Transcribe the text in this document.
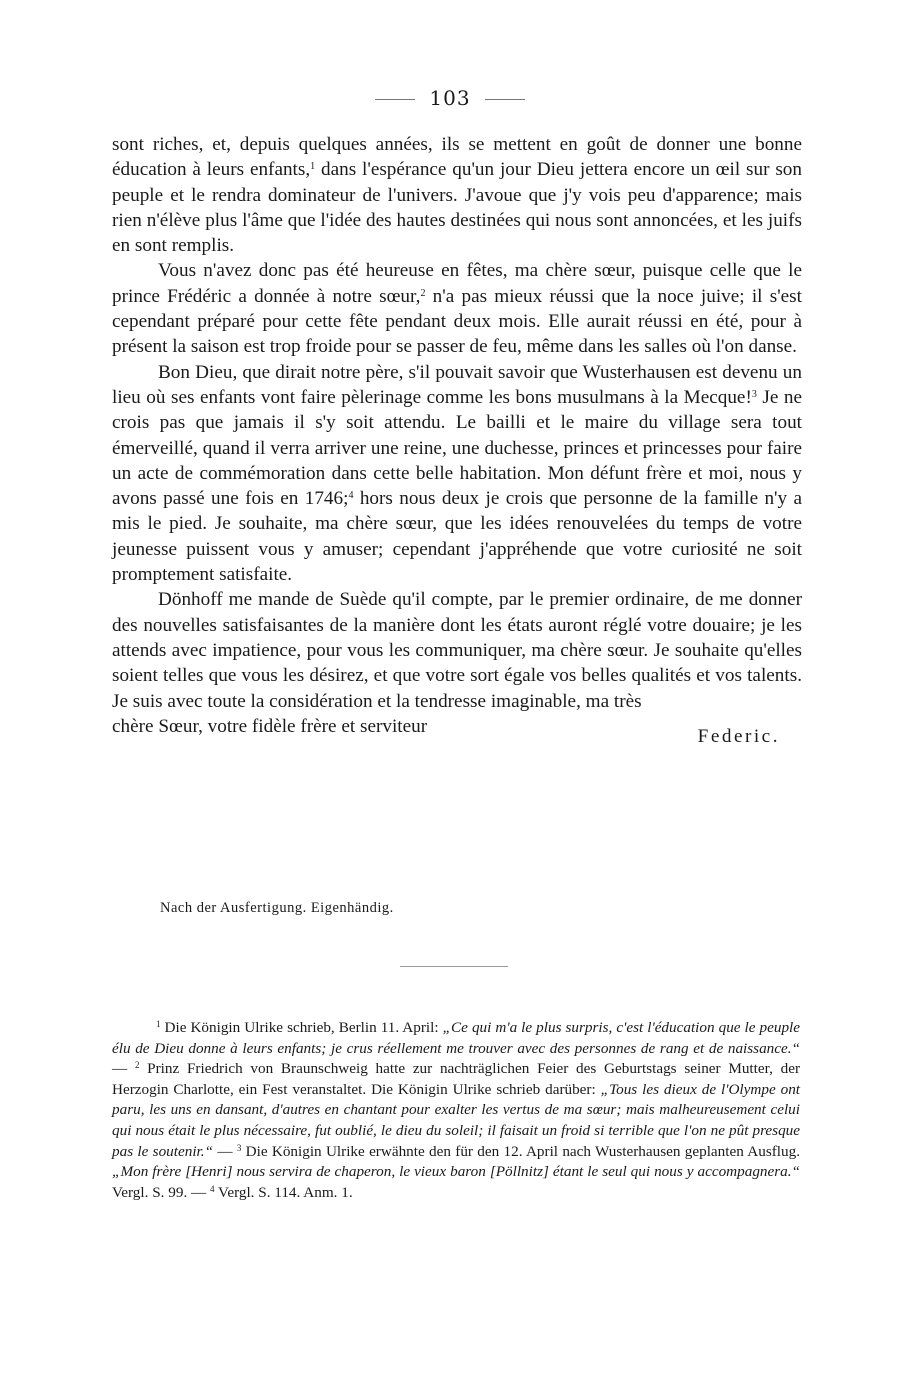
103

sont riches, et, depuis quelques années, ils se mettent en goût de donner une bonne éducation à leurs enfants,$^1$ dans l'espérance qu'un jour Dieu jettera encore un œil sur son peuple et le rendra dominateur de l'univers. J'avoue que j'y vois peu d'apparence; mais rien n'élève plus l'âme que l'idée des hautes destinées qui nous sont annoncées, et les juifs en sont remplis.

Vous n'avez donc pas été heureuse en fêtes, ma chère sœur, puisque celle que le prince Frédéric a donnée à notre sœur,$^2$ n'a pas mieux réussi que la noce juive; il s'est cependant préparé pour cette fête pendant deux mois. Elle aurait réussi en été, pour à présent la saison est trop froide pour se passer de feu, même dans les salles où l'on danse.

Bon Dieu, que dirait notre père, s'il pouvait savoir que Wusterhausen est devenu un lieu où ses enfants vont faire pèlerinage comme les bons musulmans à la Mecque!$^3$ Je ne crois pas que jamais il s'y soit attendu. Le bailli et le maire du village sera tout émerveillé, quand il verra arriver une reine, une duchesse, princes et princesses pour faire un acte de commémoration dans cette belle habitation. Mon défunt frère et moi, nous y avons passé une fois en 1746;$^4$ hors nous deux je crois que personne de la famille n'y a mis le pied. Je souhaite, ma chère sœur, que les idées renouvelées du temps de votre jeunesse puissent vous y amuser; cependant j'appréhende que votre curiosité ne soit promptement satisfaite.

Dönhoff me mande de Suède qu'il compte, par le premier ordinaire, de me donner des nouvelles satisfaisantes de la manière dont les états auront réglé votre douaire; je les attends avec impatience, pour vous les communiquer, ma chère sœur. Je souhaite qu'elles soient telles que vous les désirez, et que votre sort égale vos belles qualités et vos talents. Je suis avec toute la considération et la tendresse imaginable, ma très

chère Sœur, votre fidèle frère et serviteur	Federic.
Nach der Ausfertigung. Eigenhändig.

$^1$ Die Königin Ulrike schrieb, Berlin 11. April: „Ce qui m'a le plus surpris, c'est l'éducation que le peuple élu de Dieu donne à leurs enfants; je crus réellement me trouver avec des personnes de rang et de naissance.“ — $^2$ Prinz Friedrich von Braunschweig hatte zur nachträglichen Feier des Geburtstags seiner Mutter, der Herzogin Charlotte, ein Fest veranstaltet. Die Königin Ulrike schrieb darüber: „Tous les dieux de l'Olympe ont paru, les uns en dansant, d'autres en chantant pour exalter les vertus de ma sœur; mais malheureusement celui qui nous était le plus nécessaire, fut oublié, le dieu du soleil; il faisait un froid si terrible que l'on ne pût presque pas le soutenir.“ — $^3$ Die Königin Ulrike erwähnte den für den 12. April nach Wusterhausen geplanten Ausflug. „Mon frère [Henri] nous servira de chaperon, le vieux baron [Pöllnitz] étant le seul qui nous y accompagnera.“ Vergl. S. 99. — $^4$ Vergl. S. 114. Anm. 1.
